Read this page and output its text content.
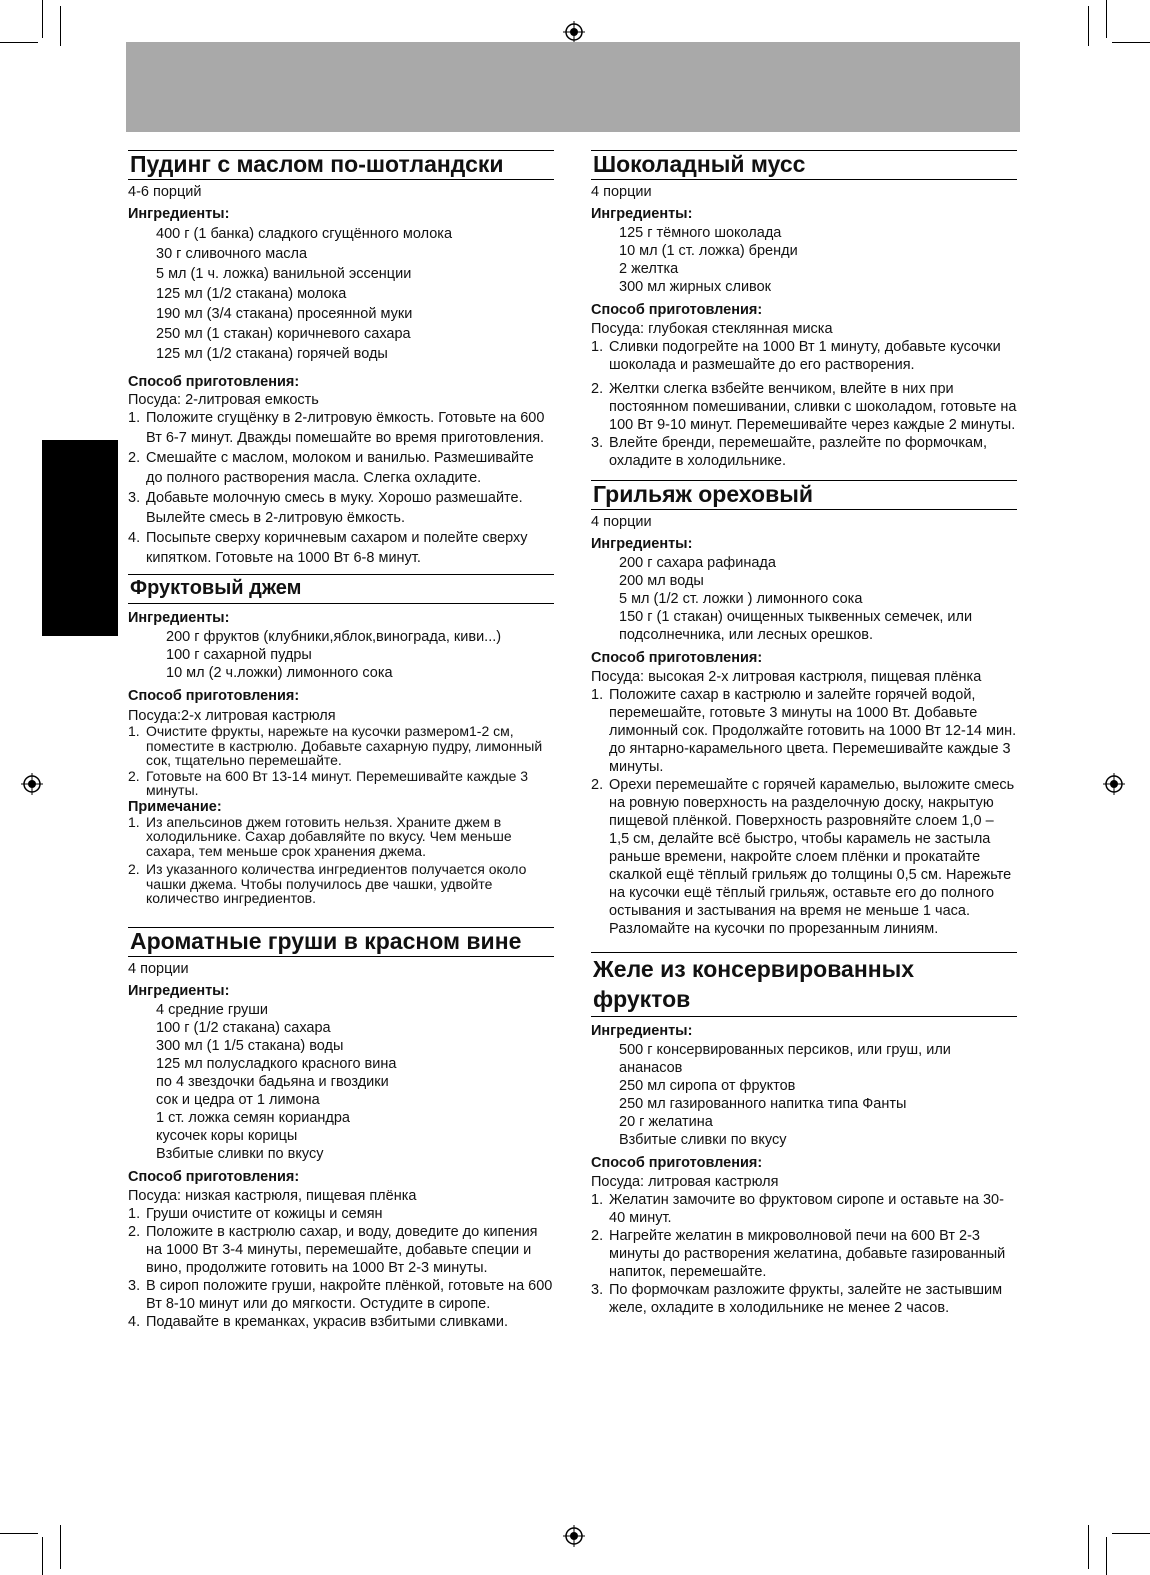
Пудинг с маслом по-шотландски
4-6 порций
Ингредиенты:
400 г (1 банка) сладкого сгущённого молока
30 г сливочного масла
5 мл (1 ч. ложка) ванильной эссенции
125 мл (1/2 стакана) молока
190 мл (3/4 стакана) просеянной муки
250 мл (1 стакан) коричневого сахара
125 мл (1/2 стакана) горячей воды
Способ приготовления:
Посуда: 2-литровая емкость
1. Положите сгущёнку в 2-литровую ёмкость. Готовьте на 600 Вт 6-7 минут. Дважды помешайте во время приготовления.
2. Смешайте с маслом, молоком и ванилью. Размешивайте до полного растворения масла. Слегка охладите.
3. Добавьте молочную смесь в муку. Хорошо размешайте. Вылейте смесь в 2-литровую ёмкость.
4. Посыпьте сверху коричневым сахаром и полейте сверху кипятком. Готовьте на 1000 Вт 6-8 минут.
Фруктовый джем
Ингредиенты:
200 г фруктов (клубники,яблок,винограда, киви...)
100 г сахарной пудры
10 мл (2 ч.ложки) лимонного сока
Способ приготовления:
Посуда:2-х литровая кастрюля
1. Очистите фрукты, нарежьте на кусочки размером1-2 см, поместите в кастрюлю. Добавьте сахарную пудру, лимонный сок, тщательно перемешайте.
2. Готовьте на 600 Вт 13-14 минут. Перемешивайте каждые 3 минуты.
Примечание:
1. Из апельсинов джем готовить нельзя. Храните джем в холодильнике. Сахар добавляйте по вкусу. Чем меньше сахара, тем меньше срок хранения джема.
2. Из указанного количества ингредиентов получается около чашки джема. Чтобы получилось две чашки, удвойте количество ингредиентов.
Ароматные груши в красном вине
4 порции
Ингредиенты:
4 средние груши
100 г (1/2 стакана) сахара
300 мл (1 1/5 стакана) воды
125 мл полусладкого красного вина
по 4 звездочки бадьяна и гвоздики
сок и цедра от 1 лимона
1 ст. ложка семян кориандра
кусочек коры корицы
Взбитые сливки по вкусу
Способ приготовления:
Посуда: низкая кастрюля, пищевая плёнка
1. Груши очистите от кожицы и семян
2. Положите в кастрюлю сахар, и воду, доведите до кипения на 1000 Вт 3-4 минуты, перемешайте, добавьте специи и вино, продолжите готовить на 1000 Вт 2-3 минуты.
3. В сироп положите груши, накройте плёнкой, готовьте на 600 Вт 8-10 минут или до мягкости. Остудите в сиропе.
4. Подавайте в креманках, украсив взбитыми сливками.
Шоколадный мусс
4 порции
Ингредиенты:
125 г тёмного шоколада
10 мл (1 ст. ложка) бренди
2 желтка
300 мл жирных сливок
Способ приготовления:
Посуда: глубокая стеклянная миска
1. Сливки подогрейте на 1000 Вт 1 минуту, добавьте кусочки шоколада и размешайте до его растворения.
2. Желтки слегка взбейте венчиком, влейте в них при постоянном помешивании, сливки с шоколадом, готовьте на 100 Вт 9-10 минут. Перемешивайте через каждые 2 минуты.
3. Влейте бренди, перемешайте, разлейте по формочкам, охладите в холодильнике.
Грильяж ореховый
4 порции
Ингредиенты:
200 г сахара рафинада
200 мл воды
5 мл (1/2 ст. ложки ) лимонного сока
150 г (1 стакан) очищенных тыквенных семечек, или подсолнечника, или лесных орешков.
Способ приготовления:
Посуда: высокая 2-х литровая кастрюля, пищевая плёнка
1. Положите сахар в кастрюлю и залейте горячей водой, перемешайте, готовьте 3 минуты на 1000 Вт. Добавьте лимонный сок. Продолжайте готовить на 1000 Вт 12-14 мин. до янтарно-карамельного цвета. Перемешивайте каждые 3 минуты.
2. Орехи перемешайте с горячей карамелью, выложите смесь на ровную поверхность на разделочную доску, накрытую пищевой плёнкой. Поверхность разровняйте слоем 1,0 – 1,5 см, делайте всё быстро, чтобы карамель не застыла раньше времени, накройте слоем плёнки и прокатайте скалкой ещё тёплый грильяж до толщины 0,5 см. Нарежьте на кусочки ещё тёплый грильяж, оставьте его до полного остывания и застывания на время не меньше 1 часа. Разломайте на кусочки по прорезанным линиям.
Желе из консервированных
фруктов
Ингредиенты:
500 г консервированных персиков, или груш, или ананасов
250 мл сиропа от фруктов
250 мл газированного напитка типа Фанты
20 г желатина
Взбитые сливки по вкусу
Способ приготовления:
Посуда: литровая кастрюля
1. Желатин замочите во фруктовом сиропе и оставьте на 30-40 минут.
2. Нагрейте желатин в микроволновой печи на 600 Вт 2-3 минуты до растворения желатина, добавьте газированный напиток, перемешайте.
3. По формочкам разложите фрукты, залейте не застывшим желе, охладите в холодильнике не менее 2 часов.
